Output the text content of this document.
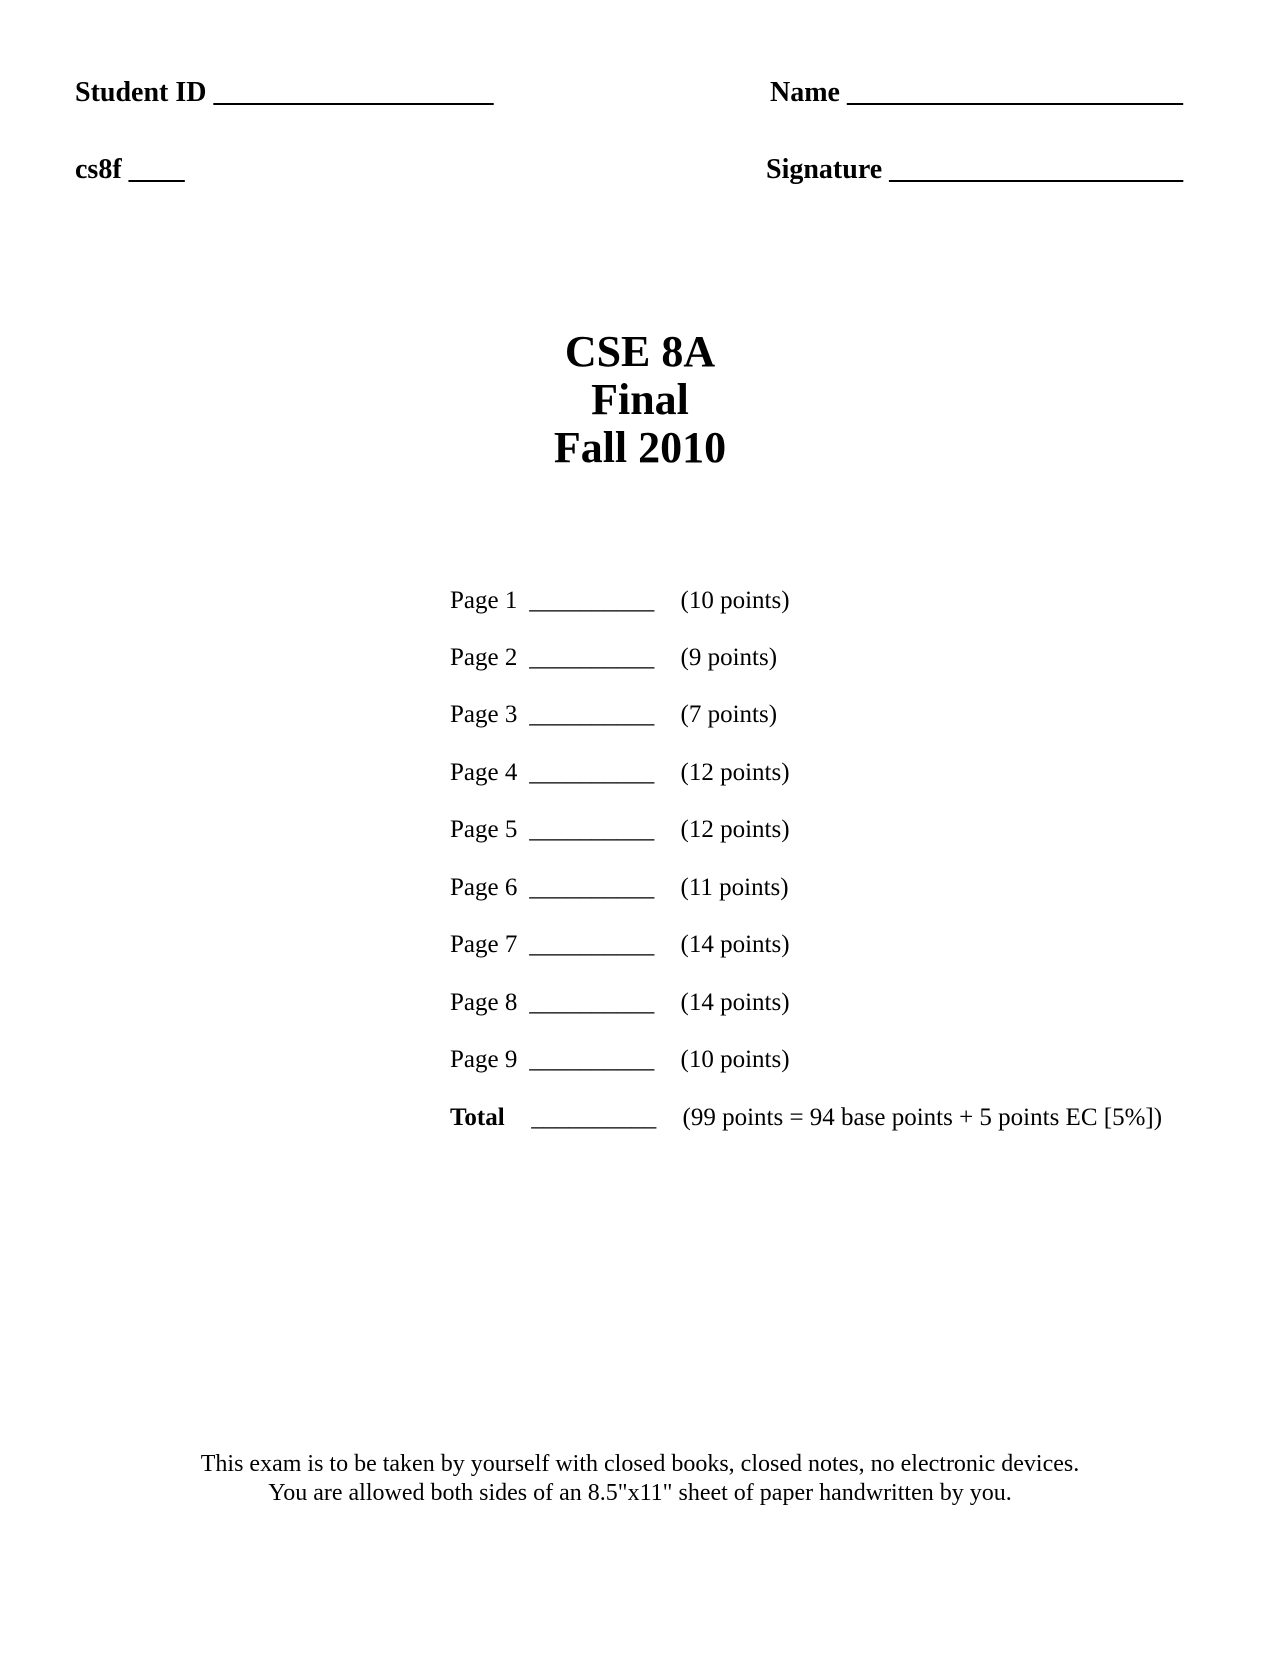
Student ID ____________________	Name ________________________
cs8f ____	Signature _____________________
CSE 8A
Final
Fall 2010
Page 1 __________ (10 points)
Page 2 __________ (9 points)
Page 3 __________ (7 points)
Page 4 __________ (12 points)
Page 5 __________ (12 points)
Page 6 __________ (11 points)
Page 7 __________ (14 points)
Page 8 __________ (14 points)
Page 9 __________ (10 points)
Total __________ (99 points = 94 base points + 5 points EC [5%])
This exam is to be taken by yourself with closed books, closed notes, no electronic devices.
You are allowed both sides of an 8.5"x11" sheet of paper handwritten by you.
